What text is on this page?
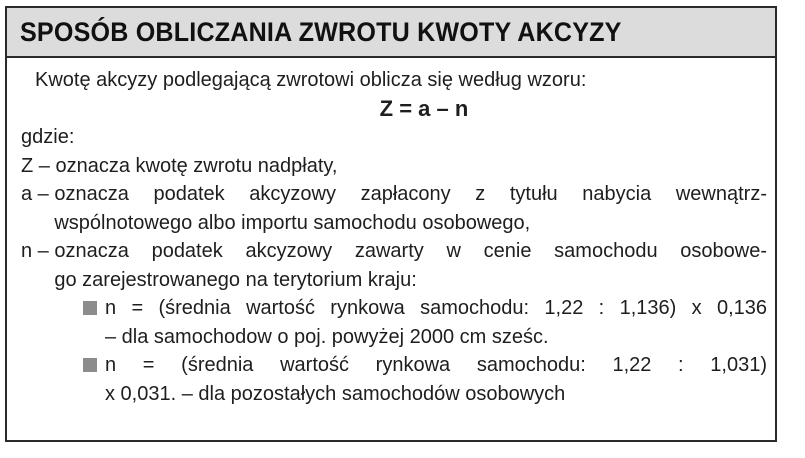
SPOSÓB OBLICZANIA ZWROTU KWOTY AKCYZY
Kwotę akcyzy podlegającą zwrotowi oblicza się według wzoru:
Z = a – n
gdzie:
Z – oznacza kwotę zwrotu nadpłaty,
a – oznacza podatek akcyzowy zapłacony z tytułu nabycia wewnątrz-
wspólnotowego albo importu samochodu osobowego,
n – oznacza podatek akcyzowy zawarty w cenie samochodu osobowe-
go zarejestrowanego na terytorium kraju:
n = (średnia wartość rynkowa samochodu: 1,22 : 1,136) x 0,136
– dla samochodow o poj. powyżej 2000 cm sześc.
n = (średnia wartość rynkowa samochodu: 1,22 : 1,031)
x 0,031. – dla pozostałych samochodów osobowych
